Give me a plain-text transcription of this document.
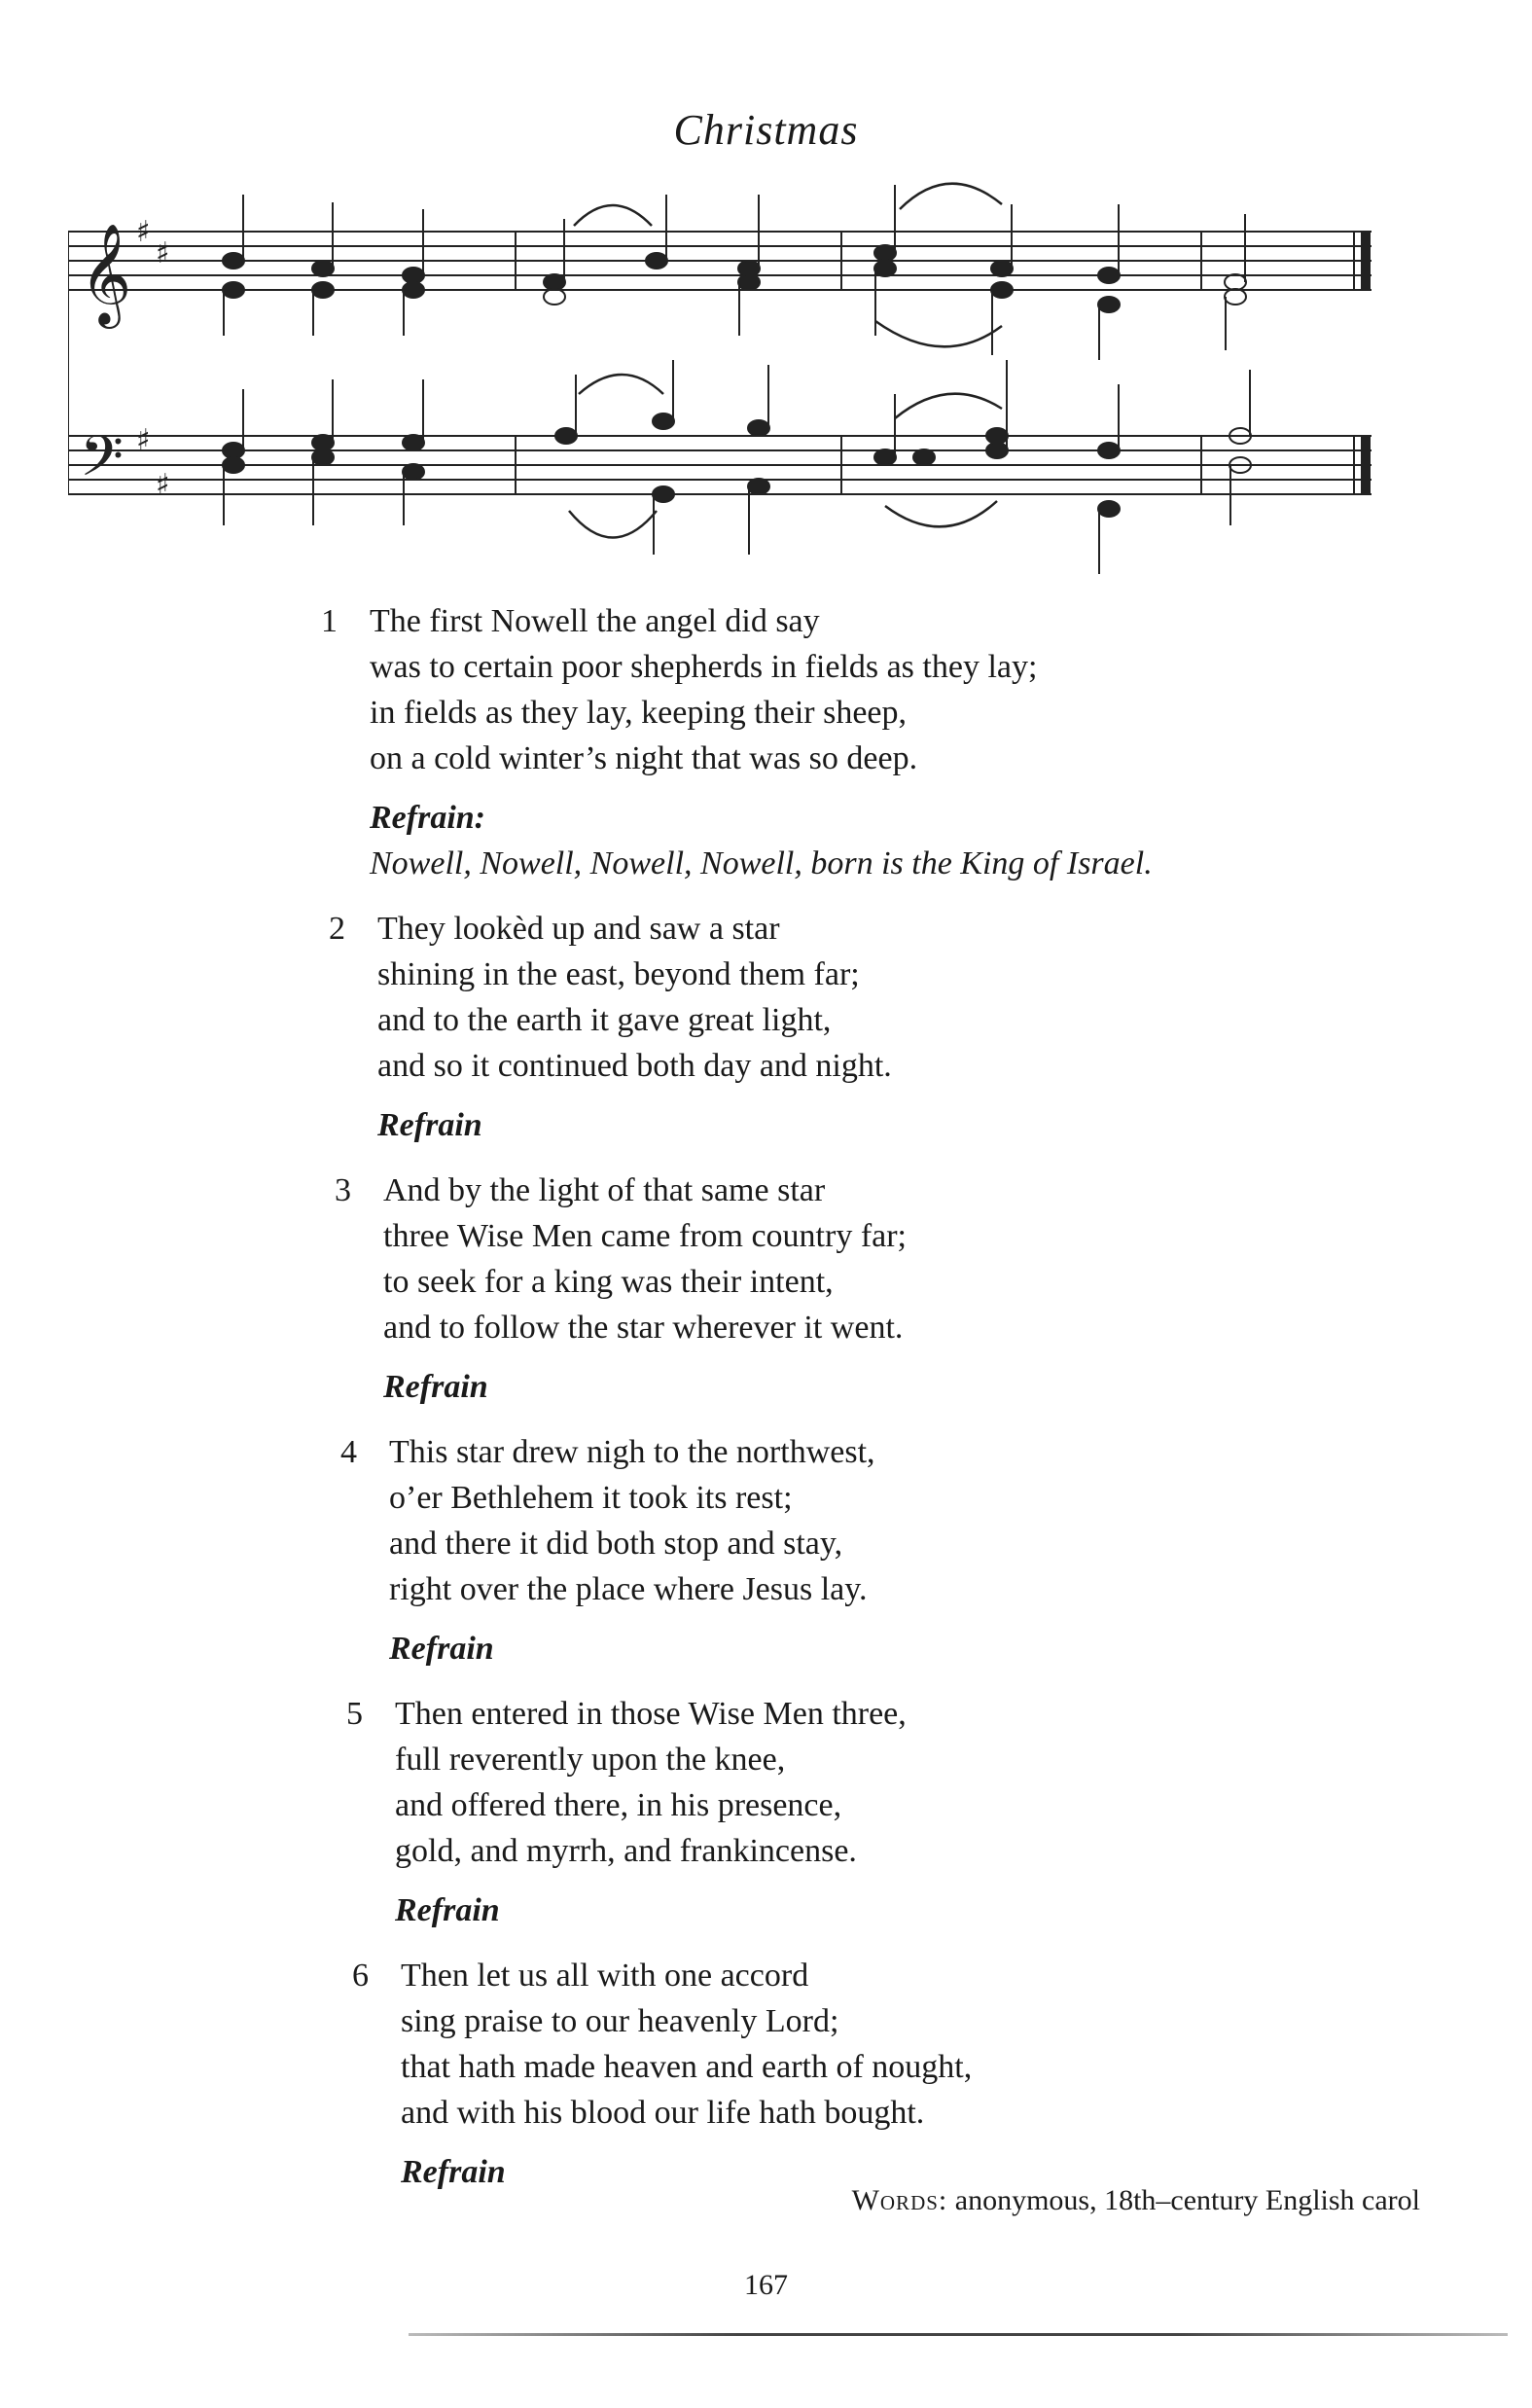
Christmas
𝄞
𝄢
♯
♯
♯
♯
1 The first Nowell the angel did say
was to certain poor shepherds in fields as they lay;
in fields as they lay, keeping their sheep,
on a cold winter’s night that was so deep.
Refrain:
Nowell, Nowell, Nowell, Nowell, born is the King of Israel.
2 They lookèd up and saw a star
shining in the east, beyond them far;
and to the earth it gave great light,
and so it continued both day and night.
Refrain
3 And by the light of that same star
three Wise Men came from country far;
to seek for a king was their intent,
and to follow the star wherever it went.
Refrain
4 This star drew nigh to the northwest,
o’er Bethlehem it took its rest;
and there it did both stop and stay,
right over the place where Jesus lay.
Refrain
5 Then entered in those Wise Men three,
full reverently upon the knee,
and offered there, in his presence,
gold, and myrrh, and frankincense.
Refrain
6 Then let us all with one accord
sing praise to our heavenly Lord;
that hath made heaven and earth of nought,
and with his blood our life hath bought.
Refrain
Words: anonymous, 18th–century English carol
167
